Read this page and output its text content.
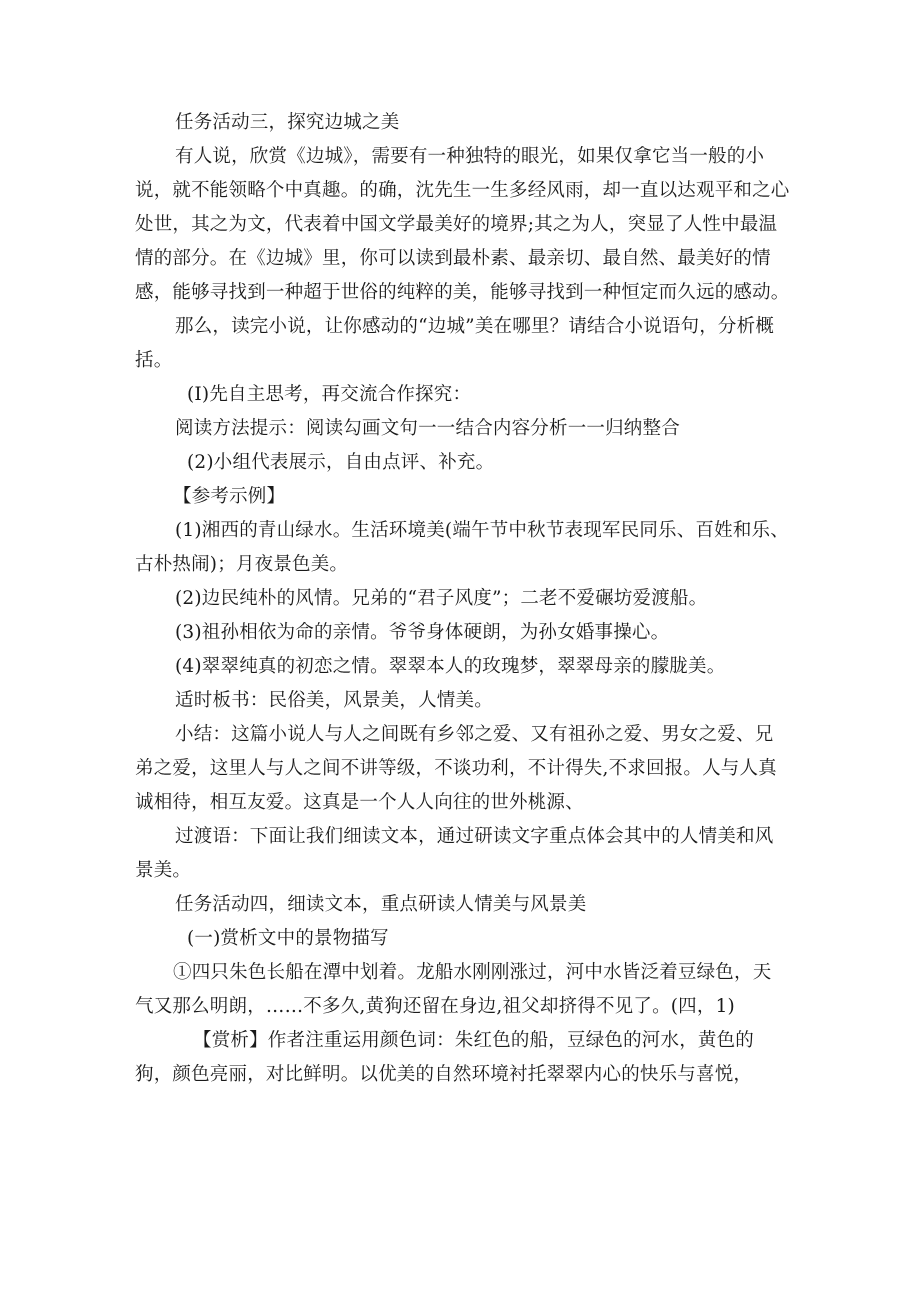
任务活动三，探究边城之美

有人说，欣赏《边城》，需要有一种独特的眼光，如果仅拿它当一般的小说，就不能领略个中真趣。的确，沈先生一生多经风雨，却一直以达观平和之心处世，其之为文，代表着中国文学最美好的境界;其之为人，突显了人性中最温情的部分。在《边城》里，你可以读到最朴素、最亲切、最自然、最美好的情感，能够寻找到一种超于世俗的纯粹的美，能够寻找到一种恒定而久远的感动。

那么，读完小说，让你感动的“边城”美在哪里？请结合小说语句，分析概括。

(I)先自主思考，再交流合作探究：

阅读方法提示：阅读勾画文句一一结合内容分析一一归纳整合

(2)小组代表展示，自由点评、补充。

【参考示例】

(1)湘西的青山绿水。生活环境美(端午节中秋节表现军民同乐、百姓和乐、古朴热闹)；月夜景色美。

(2)边民纯朴的风情。兄弟的“君子风度”；二老不爱碾坊爱渡船。

(3)祖孙相依为命的亲情。爷爷身体硬朗，为孙女婚事操心。

(4)翠翠纯真的初恋之情。翠翠本人的玫瑰梦，翠翠母亲的朦胧美。

适时板书：民俗美，风景美，人情美。

小结：这篇小说人与人之间既有乡邻之爱、又有祖孙之爱、男女之爱、兄弟之爱，这里人与人之间不讲等级，不谈功利，不计得失,不求回报。人与人真诚相待，相互友爱。这真是一个人人向往的世外桃源、

过渡语：下面让我们细读文本，通过研读文字重点体会其中的人情美和风景美。

任务活动四，细读文本，重点研读人情美与风景美

(一)赏析文中的景物描写

①四只朱色长船在潭中划着。龙船水刚刚涨过，河中水皆泛着豆绿色，天气又那么明朗，……不多久,黄狗还留在身边,祖父却挤得不见了。(四，1)

【赏析】作者注重运用颜色词：朱红色的船，豆绿色的河水，黄色的狗，颜色亮丽，对比鲜明。以优美的自然环境衬托翠翠内心的快乐与喜悦，
